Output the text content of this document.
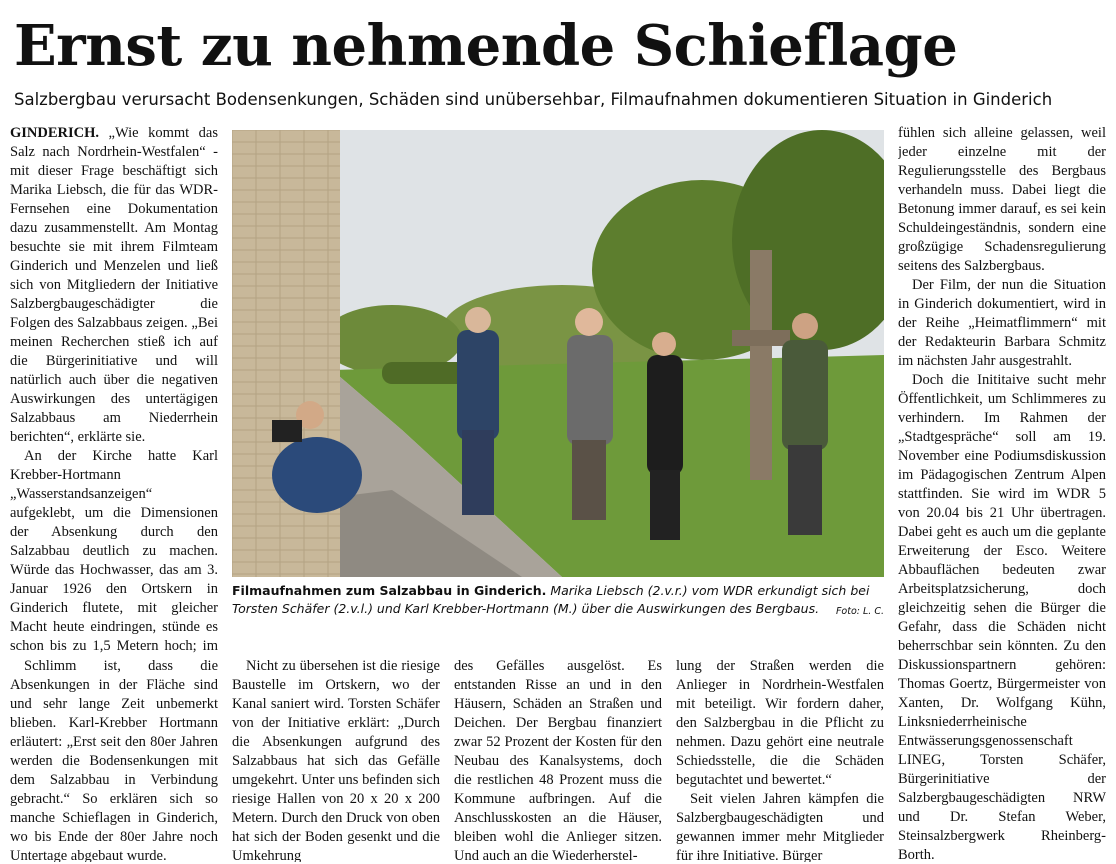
Ernst zu nehmende Schieflage
Salzbergbau verursacht Bodensenkungen, Schäden sind unübersehbar, Filmaufnahmen dokumentieren Situation in Ginderich

GINDERICH. „Wie kommt das Salz nach Nordrhein-Westfalen“ - mit dieser Frage beschäftigt sich Marika Liebsch, die für das WDR-Fernsehen eine Dokumentation dazu zusammenstellt. Am Montag besuchte sie mit ihrem Filmteam Ginderich und Menzelen und ließ sich von Mitgliedern der Initiative Salzbergbaugeschädigter die Folgen des Salzabbaus zeigen. „Bei meinen Recherchen stieß ich auf die Bürgerinitiative und will natürlich auch über die negativen Auswirkungen des untertägigen Salzabbaus am Niederrhein berichten“, erklärte sie.

An der Kirche hatte Karl Krebber-Hortmann „Wasserstandsanzeigen“ aufgeklebt, um die Dimensionen der Absenkung durch den Salzabbau deutlich zu machen. Würde das Hochwasser, das am 3. Januar 1926 den Ortskern in Ginderich flutete, mit gleicher Macht heute eindringen, stünde es schon bis zu 1,5 Metern hoch; im

Schlimm ist, dass die Absenkungen in der Fläche sind und sehr lange Zeit unbemerkt blieben. Karl-Krebber Hortmann erläutert: „Erst seit den 80er Jahren werden die Bodensenkungen mit dem Salzabbau in Verbindung gebracht.“ So erklären sich so manche Schieflagen in Ginderich, wo bis Ende der 80er Jahre noch Untertage abgebaut wurde.

Filmaufnahmen zum Salzabbau in Ginderich. Marika Liebsch (2.v.r.) vom WDR erkundigt sich bei Torsten Schäfer (2.v.l.) und Karl Krebber-Hortmann (M.) über die Auswirkungen des Bergbaus. Foto: L. C.

Nicht zu übersehen ist die riesige Baustelle im Ortskern, wo der Kanal saniert wird. Torsten Schäfer von der Initiative erklärt: „Durch die Absenkungen aufgrund des Salzabbaus hat sich das Gefälle umgekehrt. Unter uns befinden sich riesige Hallen von 20 x 20 x 200 Metern. Durch den Druck von oben hat sich der Boden gesenkt und die Umkehrung

des Gefälles ausgelöst. Es entstanden Risse an und in den Häusern, Schäden an Straßen und Deichen. Der Bergbau finanziert zwar 52 Prozent der Kosten für den Neubau des Kanalsystems, doch die restlichen 48 Prozent muss die Kommune aufbringen. Auf die Anschlusskosten an die Häuser, bleiben wohl die Anlieger sitzen. Und auch an die Wiederherstel-

lung der Straßen werden die Anlieger in Nordrhein-Westfalen mit beteiligt. Wir fordern daher, den Salzbergbau in die Pflicht zu nehmen. Dazu gehört eine neutrale Schiedsstelle, die die Schäden begutachtet und bewertet.“

Seit vielen Jahren kämpfen die Salzbergbaugeschädigten und gewannen immer mehr Mitglieder für ihre Initiative. Bürger

fühlen sich alleine gelassen, weil jeder einzelne mit der Regulierungsstelle des Bergbaus verhandeln muss. Dabei liegt die Betonung immer darauf, es sei kein Schuldeingeständnis, sondern eine großzügige Schadensregulierung seitens des Salzbergbaus.

Der Film, der nun die Situation in Ginderich dokumentiert, wird in der Reihe „Heimatflimmern“ mit der Redakteurin Barbara Schmitz im nächsten Jahr ausgestrahlt.

Doch die Inititaive sucht mehr Öffentlichkeit, um Schlimmeres zu verhindern. Im Rahmen der „Stadtgespräche“ soll am 19. November eine Podiumsdiskussion im Pädagogischen Zentrum Alpen stattfinden. Sie wird im WDR 5 von 20.04 bis 21 Uhr übertragen. Dabei geht es auch um die geplante Erweiterung der Esco. Weitere Abbauflächen bedeuten zwar Arbeitsplatzsicherung, doch gleichzeitig sehen die Bürger die Gefahr, dass die Schäden nicht beherrschbar sein könnten. Zu den Diskussionspartnern gehören: Thomas Goertz, Bürgermeister von Xanten, Dr. Wolfgang Kühn, Linksniederrheinische Entwässerungsgenossenschaft LINEG, Torsten Schäfer, Bürgerinitiative der Salzbergbaugeschädigten NRW und Dr. Stefan Weber, Steinsalzbergwerk Rheinberg-Borth.
